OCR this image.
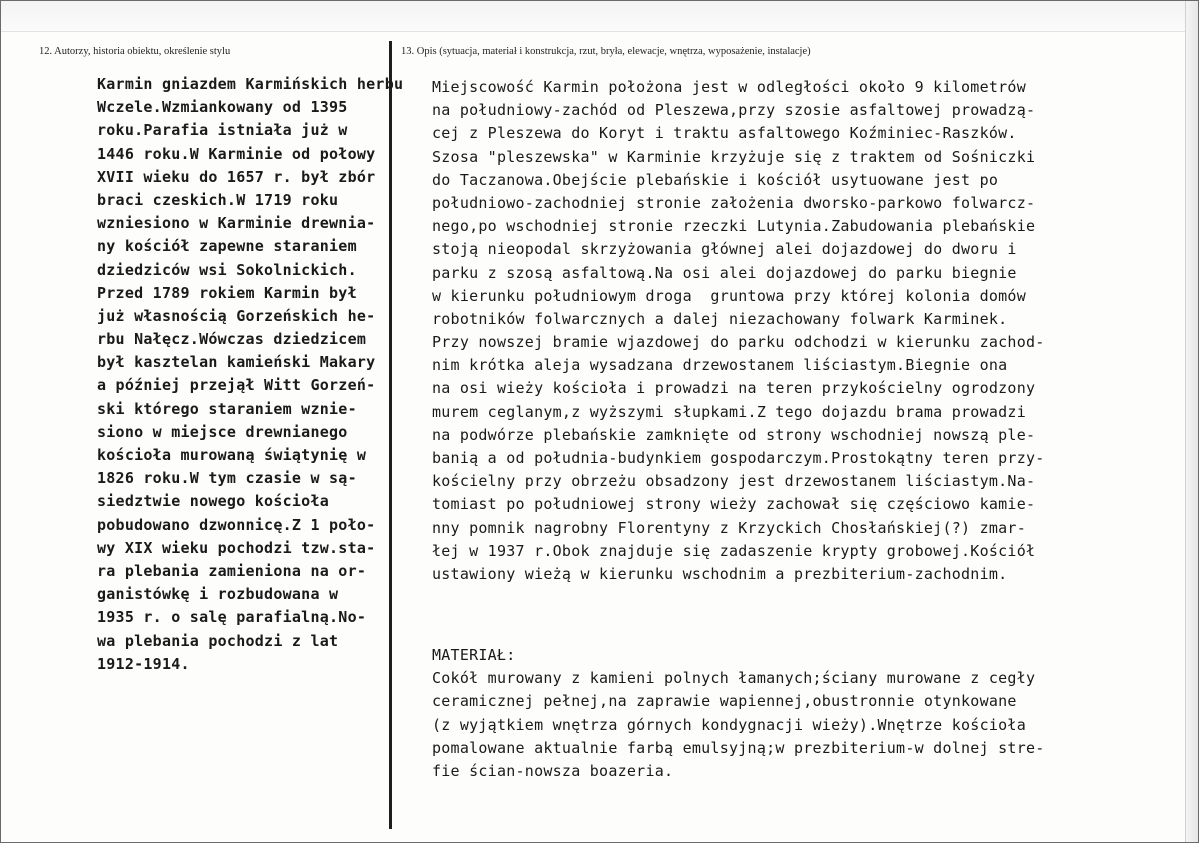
12. Autorzy, historia obiektu, określenie stylu	13. Opis (sytuacja, materiał i konstrukcja, rzut, bryła, elewacje, wnętrza, wyposażenie, instalacje)
Karmin gniazdem Karmińskich herbu
Wczele.Wzmiankowany od 1395
roku.Parafia istniała już w
1446 roku.W Karminie od połowy
XVII wieku do 1657 r. był zbór
braci czeskich.W 1719 roku
wzniesiono w Karminie drewnia-
ny kościół zapewne staraniem
dziedziców wsi Sokolnickich.
Przed 1789 rokiem Karmin był
już własnością Gorzeńskich he-
rbu Nałęcz.Wówczas dziedzicem
był kasztelan kamieński Makary
a później przejął Witt Gorzeń-
ski którego staraniem wznie-
siono w miejsce drewnianego
kościoła murowaną świątynię w
1826 roku.W tym czasie w są-
siedztwie nowego kościoła
pobudowano dzwonnicę.Z 1 poło-
wy XIX wieku pochodzi tzw.sta-
ra plebania zamieniona na or-
ganistówkę i rozbudowana w
1935 r. o salę parafialną.No-
wa plebania pochodzi z lat
1912-1914.
Miejscowość Karmin położona jest w odległości około 9 kilometrów
na południowy-zachód od Pleszewa,przy szosie asfaltowej prowadzą-
cej z Pleszewa do Koryt i traktu asfaltowego Koźminiec-Raszków.
Szosa "pleszewska" w Karminie krzyżuje się z traktem od Sośniczki
do Taczanowa.Obejście plebańskie i kościół usytuowane jest po
południowo-zachodniej stronie założenia dworsko-parkowo folwarcz-
nego,po wschodniej stronie rzeczki Lutynia.Zabudowania plebańskie
stoją nieopodal skrzyżowania głównej alei dojazdowej do dworu i
parku z szosą asfaltową.Na osi alei dojazdowej do parku biegnie
w kierunku południowym droga  gruntowa przy której kolonia domów
robotników folwarcznych a dalej niezachowany folwark Karminek.
Przy nowszej bramie wjazdowej do parku odchodzi w kierunku zachod-
nim krótka aleja wysadzana drzewostanem liściastym.Biegnie ona
na osi wieży kościoła i prowadzi na teren przykościelny ogrodzony
murem ceglanym,z wyższymi słupkami.Z tego dojazdu brama prowadzi
na podwórze plebańskie zamknięte od strony wschodniej nowszą ple-
banią a od południa-budynkiem gospodarczym.Prostokątny teren przy-
kościelny przy obrzeżu obsadzony jest drzewostanem liściastym.Na-
tomiast po południowej strony wieży zachował się częściowo kamie-
nny pomnik nagrobny Florentyny z Krzyckich Chosłańskiej(?) zmar-
łej w 1937 r.Obok znajduje się zadaszenie krypty grobowej.Kościół
ustawiony wieżą w kierunku wschodnim a prezbiterium-zachodnim.
MATERIAŁ:
Cokół murowany z kamieni polnych łamanych;ściany murowane z cegły
ceramicznej pełnej,na zaprawie wapiennej,obustronnie otynkowane
(z wyjątkiem wnętrza górnych kondygnacji wieży).Wnętrze kościoła
pomalowane aktualnie farbą emulsyjną;w prezbiterium-w dolnej stre-
fie ścian-nowsza boazeria.
